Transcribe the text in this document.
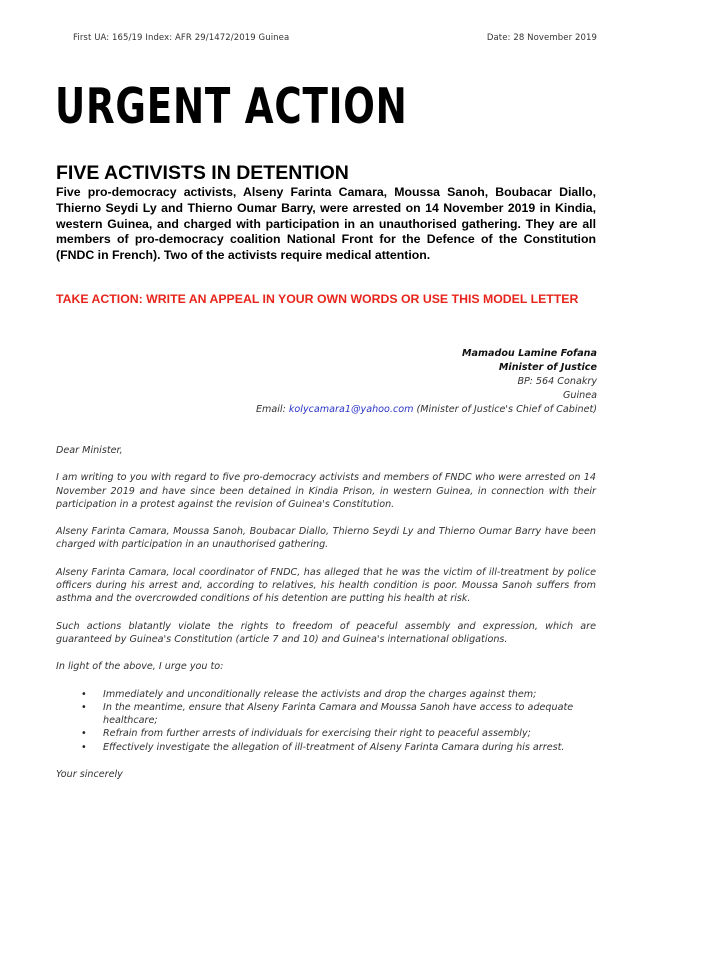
First UA: 165/19 Index: AFR 29/1472/2019 Guinea	Date: 28 November 2019
URGENT ACTION
FIVE ACTIVISTS IN DETENTION
Five pro-democracy activists, Alseny Farinta Camara, Moussa Sanoh, Boubacar Diallo, Thierno Seydi Ly and Thierno Oumar Barry, were arrested on 14 November 2019 in Kindia, western Guinea, and charged with participation in an unauthorised gathering. They are all members of pro-democracy coalition National Front for the Defence of the Constitution (FNDC in French). Two of the activists require medical attention.
TAKE ACTION: WRITE AN APPEAL IN YOUR OWN WORDS OR USE THIS MODEL LETTER
Mamadou Lamine Fofana
Minister of Justice
BP: 564 Conakry
Guinea
Email: kolycamara1@yahoo.com (Minister of Justice's Chief of Cabinet)

Dear Minister,

I am writing to you with regard to five pro-democracy activists and members of FNDC who were arrested on 14 November 2019 and have since been detained in Kindia Prison, in western Guinea, in connection with their participation in a protest against the revision of Guinea's Constitution.

Alseny Farinta Camara, Moussa Sanoh, Boubacar Diallo, Thierno Seydi Ly and Thierno Oumar Barry have been charged with participation in an unauthorised gathering.

Alseny Farinta Camara, local coordinator of FNDC, has alleged that he was the victim of ill-treatment by police officers during his arrest and, according to relatives, his health condition is poor. Moussa Sanoh suffers from asthma and the overcrowded conditions of his detention are putting his health at risk.

Such actions blatantly violate the rights to freedom of peaceful assembly and expression, which are guaranteed by Guinea's Constitution (article 7 and 10) and Guinea's international obligations.

In light of the above, I urge you to:

• Immediately and unconditionally release the activists and drop the charges against them;
• In the meantime, ensure that Alseny Farinta Camara and Moussa Sanoh have access to adequate healthcare;
• Refrain from further arrests of individuals for exercising their right to peaceful assembly;
• Effectively investigate the allegation of ill-treatment of Alseny Farinta Camara during his arrest.

Your sincerely
